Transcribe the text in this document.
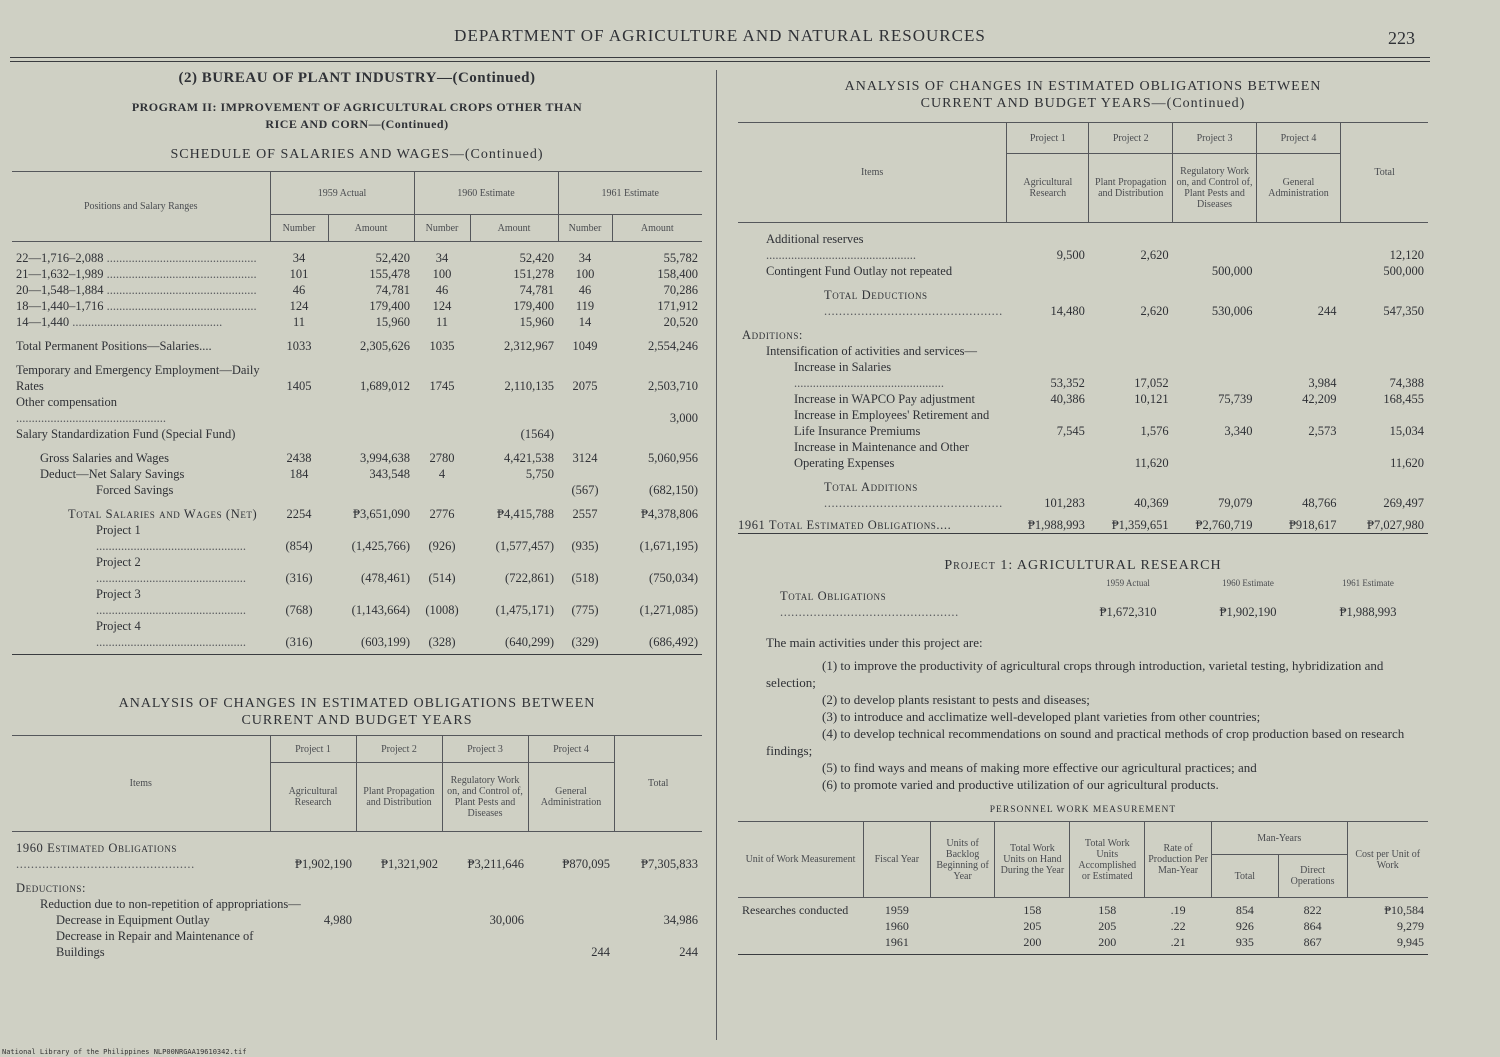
DEPARTMENT OF AGRICULTURE AND NATURAL RESOURCES	223
(2) BUREAU OF PLANT INDUSTRY—(Continued)
PROGRAM II: IMPROVEMENT OF AGRICULTURAL CROPS OTHER THAN
RICE AND CORN—(Continued)
SCHEDULE OF SALARIES AND WAGES—(Continued)
Positions and Salary Ranges	1959 Actual		1960 Estimate		1961 Estimate	
	Number	Amount	Number	Amount	Number	Amount

22—1,716–2,088 .....	34	52,420	34	52,420	34	55,782
21—1,632–1,989 .....	101	155,478	100	151,278	100	158,400
20—1,548–1,884 .....	46	74,781	46	74,781	46	70,286
18—1,440–1,716 .....	124	179,400	124	179,400	119	171,912
14—1,440 .....	11	15,960	11	15,960	14	20,520

Total Permanent Positions—Salaries....	1033	2,305,626	1035	2,312,967	1049	2,554,246

Temporary and Emergency Employment—Daily Rates	1405	1,689,012	1745	2,110,135	2075	2,503,710
Other compensation .....						3,000
Salary Standardization Fund (Special Fund)				(1564)		

Gross Salaries and Wages	2438	3,994,638	2780	4,421,538	3124	5,060,956
Deduct—Net Salary Savings	184	343,548	4	5,750		
Forced Savings					(567)	(682,150)

Total Salaries and Wages (Net)	2254	₱3,651,090	2776	₱4,415,788	2557	₱4,378,806
Project 1 .....	(854)	(1,425,766)	(926)	(1,577,457)	(935)	(1,671,195)
Project 2 .....	(316)	(478,461)	(514)	(722,861)	(518)	(750,034)
Project 3 .....	(768)	(1,143,664)	(1008)	(1,475,171)	(775)	(1,271,085)
Project 4 .....	(316)	(603,199)	(328)	(640,299)	(329)	(686,492)

ANALYSIS OF CHANGES IN ESTIMATED OBLIGATIONS BETWEEN
CURRENT AND BUDGET YEARS
Items	Project 1	Project 2	Project 3	Project 4	Total
	Agricultural Research	Plant Propagation and Distribution	Regulatory Work on, and Control of, Plant Pests and Diseases	General Administration	

1960 Estimated Obligations .....	₱1,902,190	₱1,321,902	₱3,211,646	₱870,095	₱7,305,833

Deductions:					
Reduction due to non-repetition of appropriations—					
Decrease in Equipment Outlay	4,980		30,006		34,986
Decrease in Repair and Maintenance of Buildings				244	244
ANALYSIS OF CHANGES IN ESTIMATED OBLIGATIONS BETWEEN
CURRENT AND BUDGET YEARS—(Continued)
Items	Project 1	Project 2	Project 3	Project 4	Total
	Agricultural Research	Plant Propagation and Distribution	Regulatory Work on, and Control of, Plant Pests and Diseases	General Administration	

Additional reserves .....	9,500	2,620			12,120
Contingent Fund Outlay not repeated			500,000		500,000

Total Deductions .....	14,480	2,620	530,006	244	547,350

Additions:					
Intensification of activities and services—					
Increase in Salaries .....	53,352	17,052		3,984	74,388
Increase in WAPCO Pay adjustment	40,386	10,121	75,739	42,209	168,455
Increase in Employees' Retirement and Life Insurance Premiums	7,545	1,576	3,340	2,573	15,034
Increase in Maintenance and Other Operating Expenses		11,620			11,620

Total Additions .....	101,283	40,369	79,079	48,766	269,497

1961 Total Estimated Obligations....	₱1,988,993	₱1,359,651	₱2,760,719	₱918,617	₱7,027,980
Project 1: AGRICULTURAL RESEARCH
	1959 Actual	1960 Estimate	1961 Estimate
Total Obligations .....	₱1,672,310	₱1,902,190	₱1,988,993
The main activities under this project are:
(1) to improve the productivity of agricultural crops through introduction, varietal testing, hybridization and selection;
(2) to develop plants resistant to pests and diseases;
(3) to introduce and acclimatize well-developed plant varieties from other countries;
(4) to develop technical recommendations on sound and practical methods of crop production based on research findings;
(5) to find ways and means of making more effective our agricultural practices; and
(6) to promote varied and productive utilization of our agricultural products.
PERSONNEL WORK MEASUREMENT
Unit of Work Measurement	Fiscal Year	Units of Backlog Beginning of Year	Total Work Units on Hand During the Year	Total Work Units Accomplished or Estimated	Rate of Production Per Man-Year	Man-Years		Cost per Unit of Work
						Total	Direct Operations	

Researches conducted	1959		158	158	.19	854	822	₱10,584
	1960		205	205	.22	926	864	9,279
	1961		200	200	.21	935	867	9,945

National Library of the Philippines NLP00NRGAA19610342.tif
